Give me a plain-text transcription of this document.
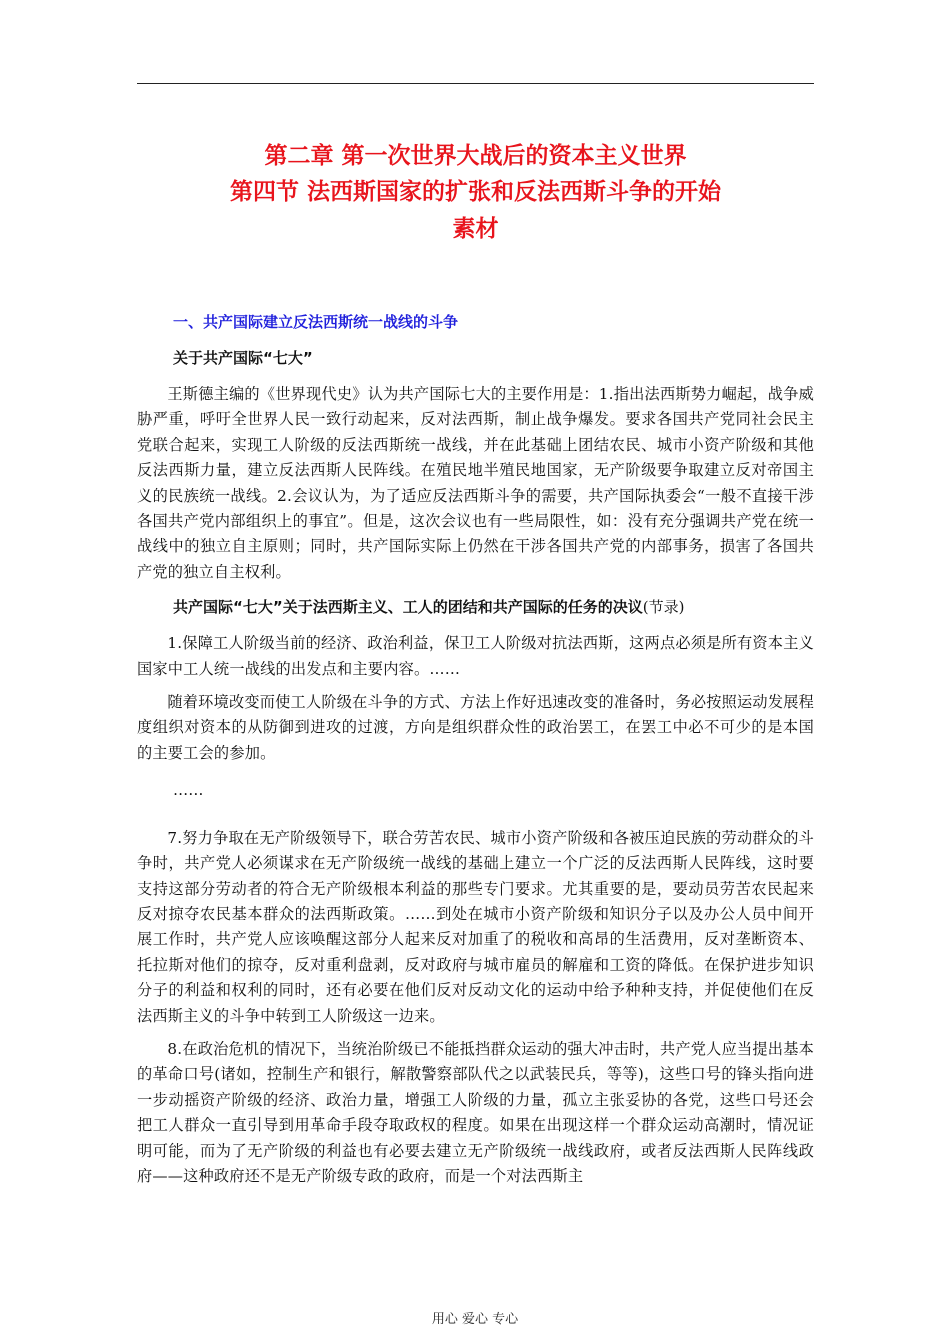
第二章 第一次世界大战后的资本主义世界
第四节 法西斯国家的扩张和反法西斯斗争的开始
素材
一、共产国际建立反法西斯统一战线的斗争
关于共产国际“七大”

王斯德主编的《世界现代史》认为共产国际七大的主要作用是：1.指出法西斯势力崛起，战争威胁严重，呼吁全世界人民一致行动起来，反对法西斯，制止战争爆发。要求各国共产党同社会民主党联合起来，实现工人阶级的反法西斯统一战线，并在此基础上团结农民、城市小资产阶级和其他反法西斯力量，建立反法西斯人民阵线。在殖民地半殖民地国家，无产阶级要争取建立反对帝国主义的民族统一战线。2.会议认为，为了适应反法西斯斗争的需要，共产国际执委会“一般不直接干涉各国共产党内部组织上的事宜”。但是，这次会议也有一些局限性，如：没有充分强调共产党在统一战线中的独立自主原则；同时，共产国际实际上仍然在干涉各国共产党的内部事务，损害了各国共产党的独立自主权利。

共产国际“七大”关于法西斯主义、工人的团结和共产国际的任务的决议(节录)

1.保障工人阶级当前的经济、政治利益，保卫工人阶级对抗法西斯，这两点必须是所有资本主义国家中工人统一战线的出发点和主要内容。……

随着环境改变而使工人阶级在斗争的方式、方法上作好迅速改变的准备时，务必按照运动发展程度组织对资本的从防御到进攻的过渡，方向是组织群众性的政治罢工，在罢工中必不可少的是本国的主要工会的参加。

……

7.努力争取在无产阶级领导下，联合劳苦农民、城市小资产阶级和各被压迫民族的劳动群众的斗争时，共产党人必须谋求在无产阶级统一战线的基础上建立一个广泛的反法西斯人民阵线，这时要支持这部分劳动者的符合无产阶级根本利益的那些专门要求。尤其重要的是，要动员劳苦农民起来反对掠夺农民基本群众的法西斯政策。……到处在城市小资产阶级和知识分子以及办公人员中间开展工作时，共产党人应该唤醒这部分人起来反对加重了的税收和高昂的生活费用，反对垄断资本、托拉斯对他们的掠夺，反对重利盘剥，反对政府与城市雇员的解雇和工资的降低。在保护进步知识分子的利益和权利的同时，还有必要在他们反对反动文化的运动中给予种种支持，并促使他们在反法西斯主义的斗争中转到工人阶级这一边来。

8.在政治危机的情况下，当统治阶级已不能抵挡群众运动的强大冲击时，共产党人应当提出基本的革命口号(诸如，控制生产和银行，解散警察部队代之以武装民兵，等等)，这些口号的锋头指向进一步动摇资产阶级的经济、政治力量，增强工人阶级的力量，孤立主张妥协的各党，这些口号还会把工人群众一直引导到用革命手段夺取政权的程度。如果在出现这样一个群众运动高潮时，情况证明可能，而为了无产阶级的利益也有必要去建立无产阶级统一战线政府，或者反法西斯人民阵线政府——这种政府还不是无产阶级专政的政府，而是一个对法西斯主

用心 爱心 专心
